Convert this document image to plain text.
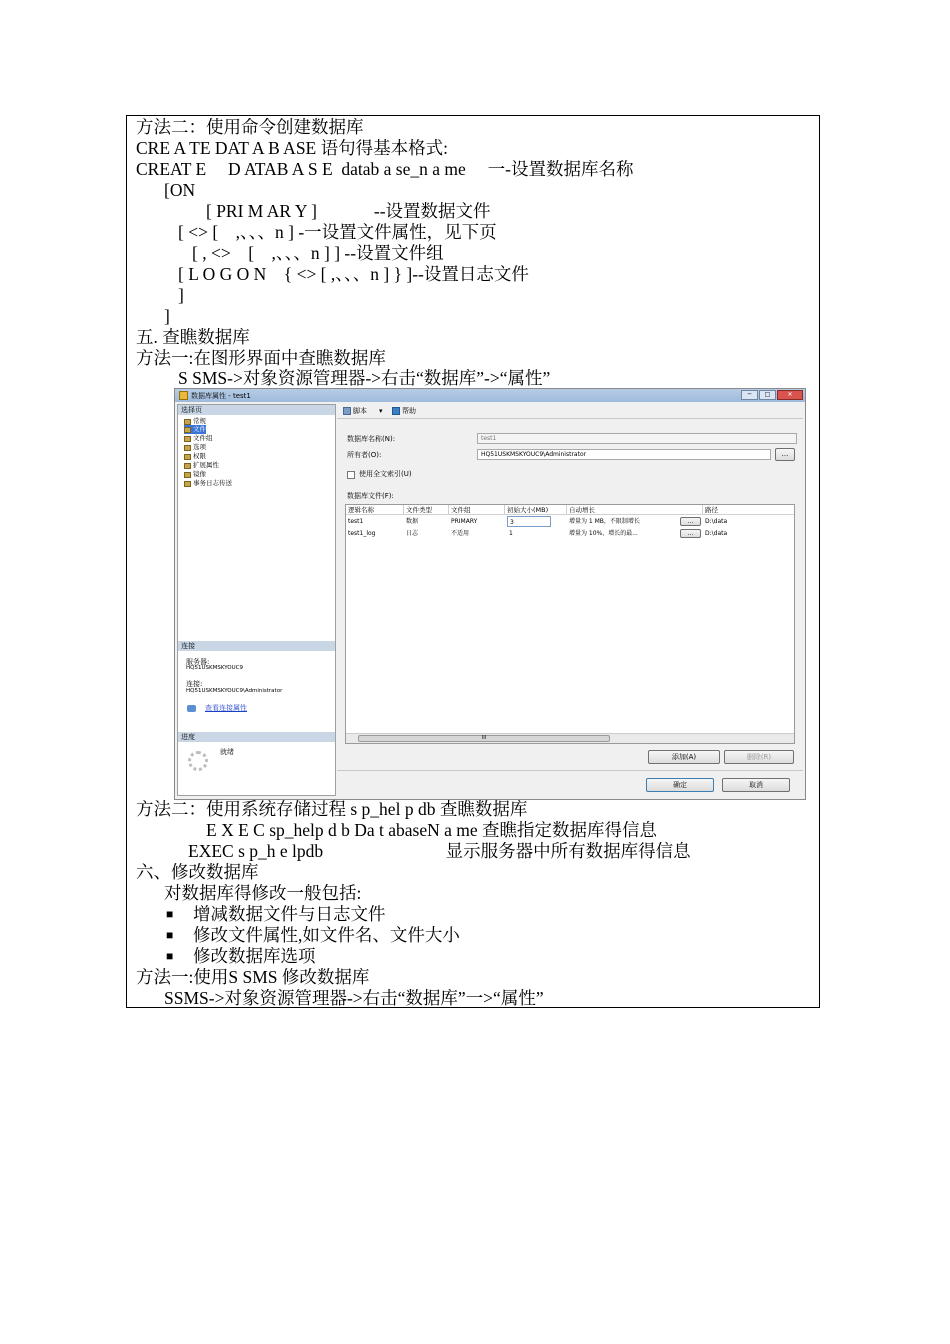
方法二：使用命令创建数据库
CRE A TE DAT A B ASE 语句得基本格式:
CREAT E　 D ATAB A S E  datab a se_n a me　 一-设置数据库名称
[ON
[ PRI M AR Y ]　　　 --设置数据文件
[ <> [　,、、、n ] -一设置文件属性，见下页
[ , <>　[　,、、、n ] ] --设置文件组
[ L O G O N　{ <> [ ,、、、n ] } ]--设置日志文件
]
]
五. 查瞧数据库
方法一:在图形界面中查瞧数据库
S SMS->对象资源管理器->右击“数据库”->“属性”
数据库属性 - test1	─	□	✕
选择页
常规
文件
文件组
选项
权限
扩展属性
镜像
事务日志传送
连接
服务器:
HQ51USKMSKYOUC9
连接:
HQ51USKMSKYOUC9\Administrator
查看连接属性
进度
就绪
脚本 ▾	帮助
数据库名称(N):	test1
所有者(O):	HQ51USKMSKYOUC9\Administrator	...
使用全文索引(U)
数据库文件(F):
逻辑名称	文件类型	文件组	初始大小(MB)	自动增长	路径
test1	数据	PRIMARY	3	增量为 1 MB，不限制增长	...	D:\data
test1_log	日志	不适用	1	增量为 10%，增长的最...	...	D:\data
III
添加(A)	删除(R)
确定	取消
方法二：使用系统存储过程 s p_hel p db 查瞧数据库
E X E C sp_help d b Da t abaseN a me 查瞧指定数据库得信息
EXEC s p_h e lpdb　　　　　　　显示服务器中所有数据库得信息
六、修改数据库
对数据库得修改一般包括:
■ 增减数据文件与日志文件
■ 修改文件属性,如文件名、文件大小
■ 修改数据库选项
方法一:使用S SMS 修改数据库
SSMS->对象资源管理器->右击“数据库”一>“属性”
